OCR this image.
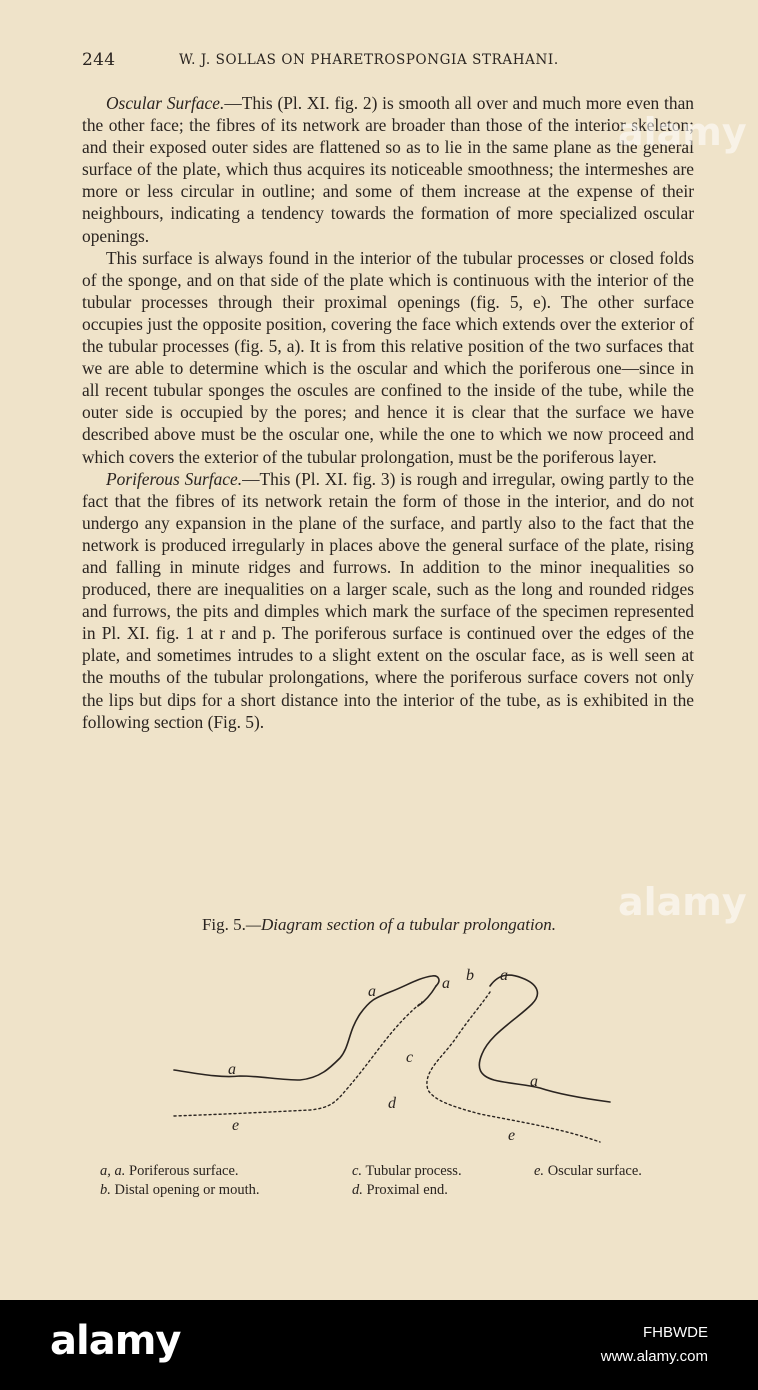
244	W. J. SOLLAS ON PHARETROSPONGIA STRAHANI.

Oscular Surface.—This (Pl. XI. fig. 2) is smooth all over and much more even than the other face; the fibres of its network are broader than those of the interior skeleton; and their exposed outer sides are flattened so as to lie in the same plane as the general surface of the plate, which thus acquires its noticeable smoothness; the intermeshes are more or less circular in outline; and some of them increase at the expense of their neighbours, indicating a tendency towards the formation of more specialized oscular openings.

This surface is always found in the interior of the tubular processes or closed folds of the sponge, and on that side of the plate which is continuous with the interior of the tubular processes through their proximal openings (fig. 5, e). The other surface occupies just the opposite position, covering the face which extends over the exterior of the tubular processes (fig. 5, a). It is from this relative position of the two surfaces that we are able to determine which is the oscular and which the poriferous one—since in all recent tubular sponges the oscules are confined to the inside of the tube, while the outer side is occupied by the pores; and hence it is clear that the surface we have described above must be the oscular one, while the one to which we now proceed and which covers the exterior of the tubular prolongation, must be the poriferous layer.

Poriferous Surface.—This (Pl. XI. fig. 3) is rough and irregular, owing partly to the fact that the fibres of its network retain the form of those in the interior, and do not undergo any expansion in the plane of the surface, and partly also to the fact that the network is produced irregularly in places above the general surface of the plate, rising and falling in minute ridges and furrows. In addition to the minor inequalities so produced, there are inequalities on a larger scale, such as the long and rounded ridges and furrows, the pits and dimples which mark the surface of the specimen represented in Pl. XI. fig. 1 at r and p. The poriferous surface is continued over the edges of the plate, and sometimes intrudes to a slight extent on the oscular face, as is well seen at the mouths of the tubular prolongations, where the poriferous surface covers not only the lips but dips for a short distance into the interior of the tube, as is exhibited in the following section (Fig. 5).

Fig. 5.—Diagram section of a tubular prolongation.
a	a b a
c
a
a
d
e
e
a, a. Poriferous surface.
b. Distal opening or mouth.
c. Tubular process.
d. Proximal end.
e. Oscular surface.
alamy
alamy
alamy	FHBWDE
www.alamy.com
